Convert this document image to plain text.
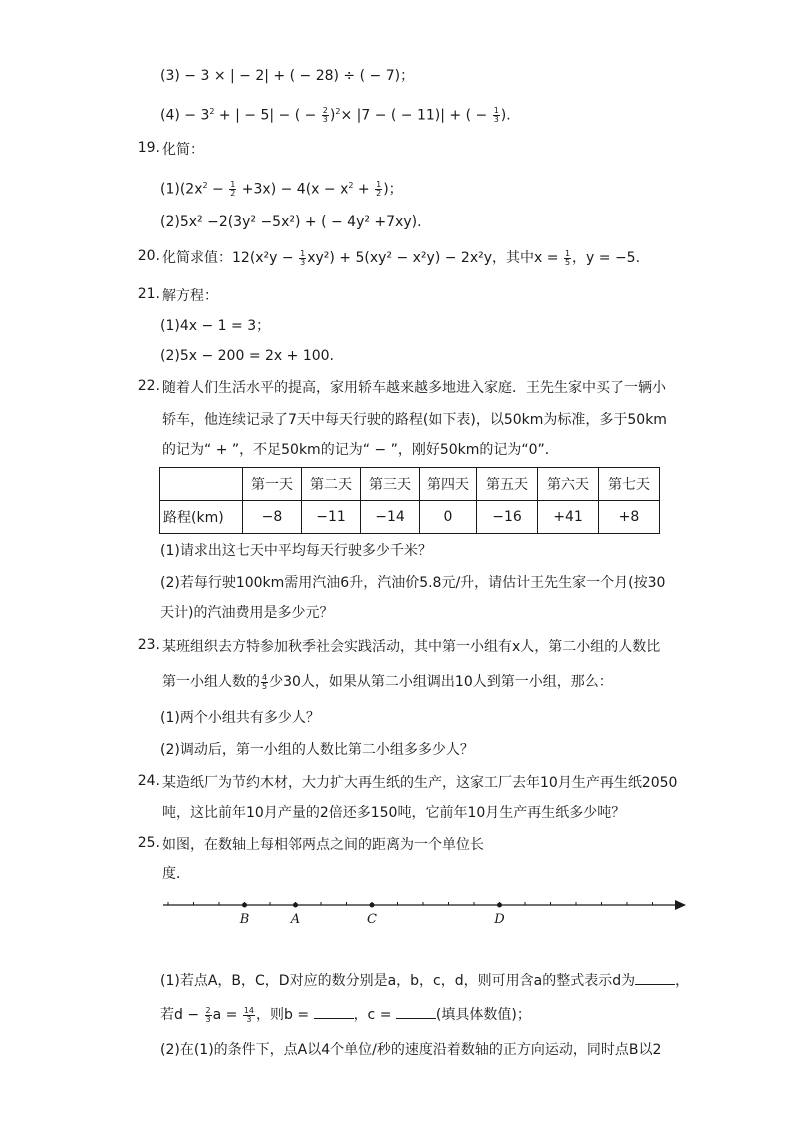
(3) − 3 × | − 2| + ( − 28) ÷ ( − 7)；
$(4) - 3^2$ + | − 5| − ( − $\frac{2}{3} )^2\times |7$ − ( − 11)| + ( − $\frac{1}{3}$ ).
19. 化简：
$(1)(2x^2 - \frac{1}{2} +3x) - 4(x - x^2 + \frac{1}{2}$ )；
(2)5x² −2(3y² −5x²) + ( − 4y² +7xy).
20. 化简求值：$12(x^2y - \frac{1}{3} xy^2) + 5(xy^2 - x^2y) - 2x^2y$，其中$x = \frac{1}{5}$ ，y = −5.
21. 解方程：
(1)4x − 1 = 3；
(2)5x − 200 = 2x + 100.
22. 随着人们生活水平的提高，家用轿车越来越多地进入家庭．王先生家中买了一辆小
轿车，他连续记录了7天中每天行驶的路程(如下表)，以50km为标准，多于50km
的记为“ + ”，不足50km的记为“ − ”，刚好50km的记为“0”．
	第一天	第二天	第三天	第四天	第五天	第六天	第七天
路程(km)	−8	−11	−14	0	−16	+41	+8
(1)请求出这七天中平均每天行驶多少千米？
(2)若每行驶100km需用汽油6升，汽油价5.8元/升，请估计王先生家一个月(按30
天计)的汽油费用是多少元？
23. 某班组织去方特参加秋季社会实践活动，其中第一小组有x人，第二小组的人数比
第一小组人数的 $\frac{4}{5}$ 少30人，如果从第二小组调出10人到第一小组，那么：
(1)两个小组共有多少人？
(2)调动后，第一小组的人数比第二小组多多少人？
24. 某造纸厂为节约木材，大力扩大再生纸的生产，这家工厂去年10月生产再生纸2050
吨，这比前年10月产量的2倍还多150吨，它前年10月生产再生纸多少吨？
25. 如图，在数轴上每相邻两点之间的距离为一个单位长
度．
B	A	C	D
(1)若点A，B，C，D对应的数分别是a，b，c，d，则可用含a的整式表示d为	，
若$d - \frac{2}{3}$ $a = \frac{14}{3}$ ，则b =	，c =	(填具体数值)；
(2)在(1)的条件下，点A以4个单位/秒的速度沿着数轴的正方向运动，同时点B以2
